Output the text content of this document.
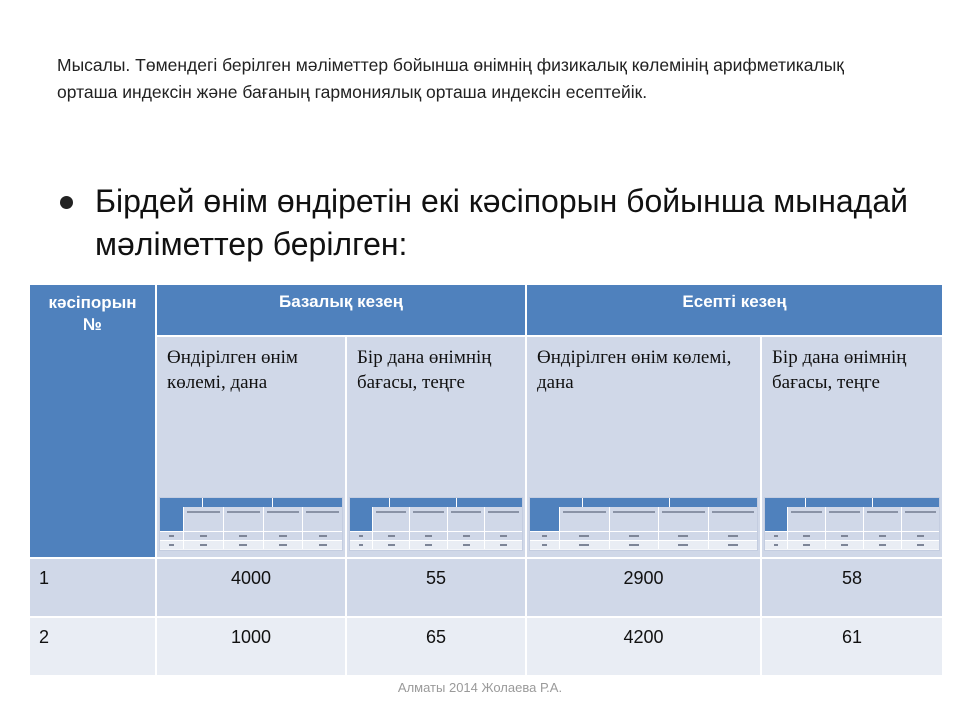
Мысалы. Төмендегі берілген мәліметтер бойынша өнімнің физикалық көлемінің арифметикалық орташа индексін және бағаның гармониялық орташа индексін есептейік.
Бірдей өнім өндіретін екі кәсіпорын бойынша мынадай мәліметтер берілген:
кәсіпорын
№	Базалық кезең		Есепті кезең	

	Өндірілген өнім көлемі, дана	Бір дана өнімнің бағасы, теңге	Өндірілген өнім көлемі, дана	Бір дана өнімнің бағасы, теңге

1	4000	55	2900	58
2	1000	65	4200	61
Алматы 2014 Жолаева Р.А.
